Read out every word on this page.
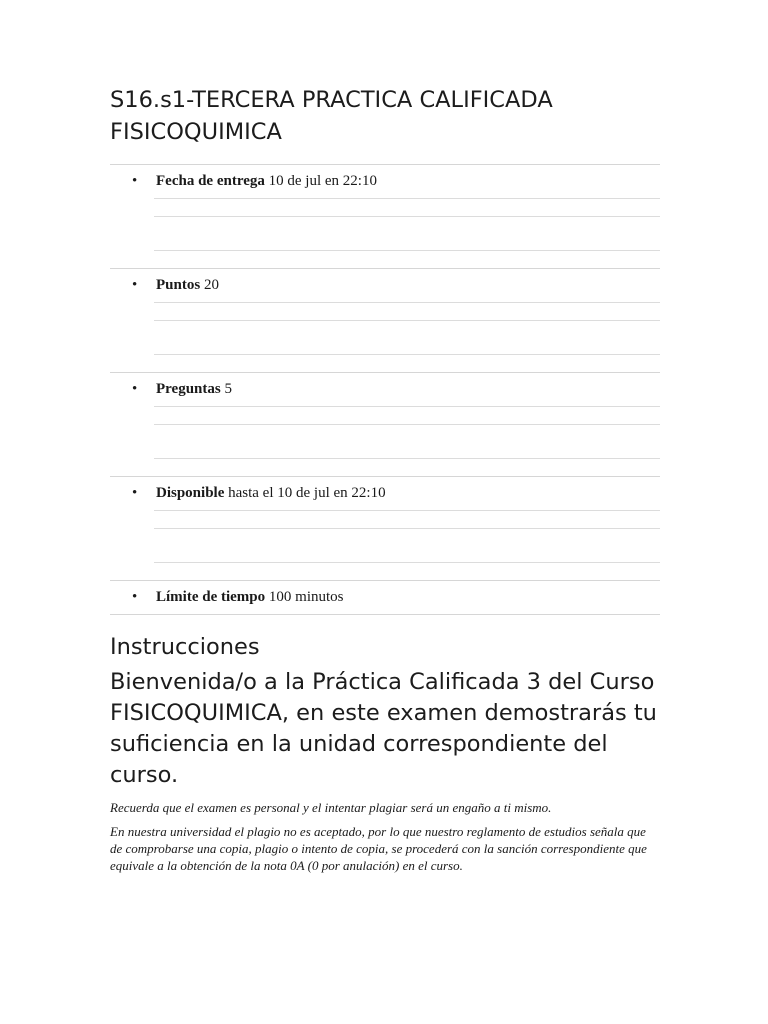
S16.s1-TERCERA PRACTICA CALIFICADA FISICOQUIMICA
• Fecha de entrega 10 de jul en 22:10
• Puntos 20
• Preguntas 5
• Disponible hasta el 10 de jul en 22:10
• Límite de tiempo 100 minutos
Instrucciones
Bienvenida/o a la Práctica Calificada 3 del Curso FISICOQUIMICA, en este examen demostrarás tu suficiencia en la unidad correspondiente del curso.

Recuerda que el examen es personal y el intentar plagiar será un engaño a ti mismo.

En nuestra universidad el plagio no es aceptado, por lo que nuestro reglamento de estudios señala que de comprobarse una copia, plagio o intento de copia, se procederá con la sanción correspondiente que equivale a la obtención de la nota 0A (0 por anulación) en el curso.
